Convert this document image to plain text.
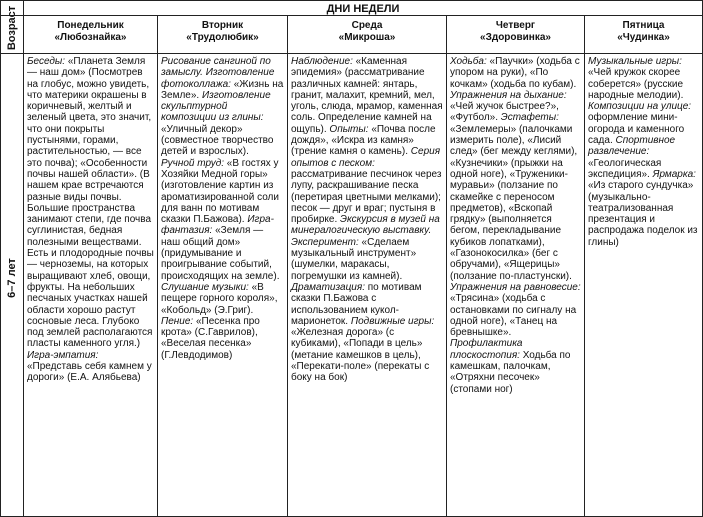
ДНИ НЕДЕЛИ
Возраст
6–7 лет
Понедельник
«Любознайка»
Вторник
«Трудолюбик»
Среда
«Микроша»
Четверг
«Здоровинка»
Пятница
«Чудинка»
Беседы: «Планета Земля — наш дом» (Посмотрев на глобус, можно увидеть, что материки окрашены в коричневый, желтый и зеленый цвета, это значит, что они покрыты пустынями, горами, растительностью, — все это почва); «Особенности почвы нашей области». (В нашем крае встречаются разные виды почвы. Большие пространства занимают степи, где почва суглинистая, бедная полезными веществами. Есть и плодородные почвы — черноземы, на которых выращивают хлеб, овощи, фрукты. На небольших песчаных участках нашей области хорошо растут сосновые леса. Глубоко под землей располагаются пласты каменного угля.) Игра-эмпатия: «Представь себя камнем у дороги» (Е.А. Алябьева)
Рисование сангиной по замыслу. Изготовление фотоколлажа: «Жизнь на Земле». Изготовление скульптурной композиции из глины: «Уличный декор» (совместное творчество детей и взрослых). Ручной труд: «В гостях у Хозяйки Медной горы» (изготовление картин из ароматизированной соли для ванн по мотивам сказки П.Бажова). Игра-фантазия: «Земля — наш общий дом» (придумывание и проигрывание событий, происходящих на земле). Слушание музыки: «В пещере горного короля», «Кобольд» (Э.Григ). Пение: «Песенка про крота» (С.Гаврилов), «Веселая песенка» (Г.Левдодимов)
Наблюдение: «Каменная эпидемия» (рассматривание различных камней: янтарь, гранит, малахит, кремний, мел, уголь, слюда, мрамор, каменная соль. Определение камней на ощупь). Опыты: «Почва после дождя», «Искра из камня» (трение камня о камень). Серия опытов с песком: рассматривание песчинок через лупу, раскрашивание песка (перетирая цветными мелками); песок — друг и враг; пустыня в пробирке. Экскурсия в музей на минералогическую выставку. Эксперимент: «Сделаем музыкальный инструмент» (шумелки, маракасы, погремушки из камней). Драматизация: по мотивам сказки П.Бажова с использованием кукол-марионеток. Подвижные игры: «Железная дорога» (с кубиками), «Попади в цель» (метание камешков в цель), «Перекати-поле» (перекаты с боку на бок)
Ходьба: «Паучки» (ходьба с упором на руки), «По кочкам» (ходьба по кубам). Упражнения на дыхание: «Чей жучок быстрее?», «Футбол». Эстафеты: «Землемеры» (палочками измерить поле), «Лисий след» (бег между кеглями), «Кузнечики» (прыжки на одной ноге), «Труженики-муравьи» (ползание по скамейке с переносом предметов), «Вскопай грядку» (выполняется бегом, перекладывание кубиков лопатками), «Газонокосилка» (бег с обручами), «Ящерицы» (ползание по-пластунски). Упражнения на равновесие: «Трясина» (ходьба с остановками по сигналу на одной ноге), «Танец на бревнышке». Профилактика плоскостопия: Ходьба по камешкам, палочкам, «Отряхни песочек» (стопами ног)
Музыкальные игры: «Чей кружок скорее соберется» (русские народные мелодии). Композиции на улице: оформление мини-огорода и каменного сада. Спортивное развлечение: «Геологическая экспедиция». Ярмарка: «Из старого сундучка» (музыкально-театрализованная презентация и распродажа поделок из глины)
